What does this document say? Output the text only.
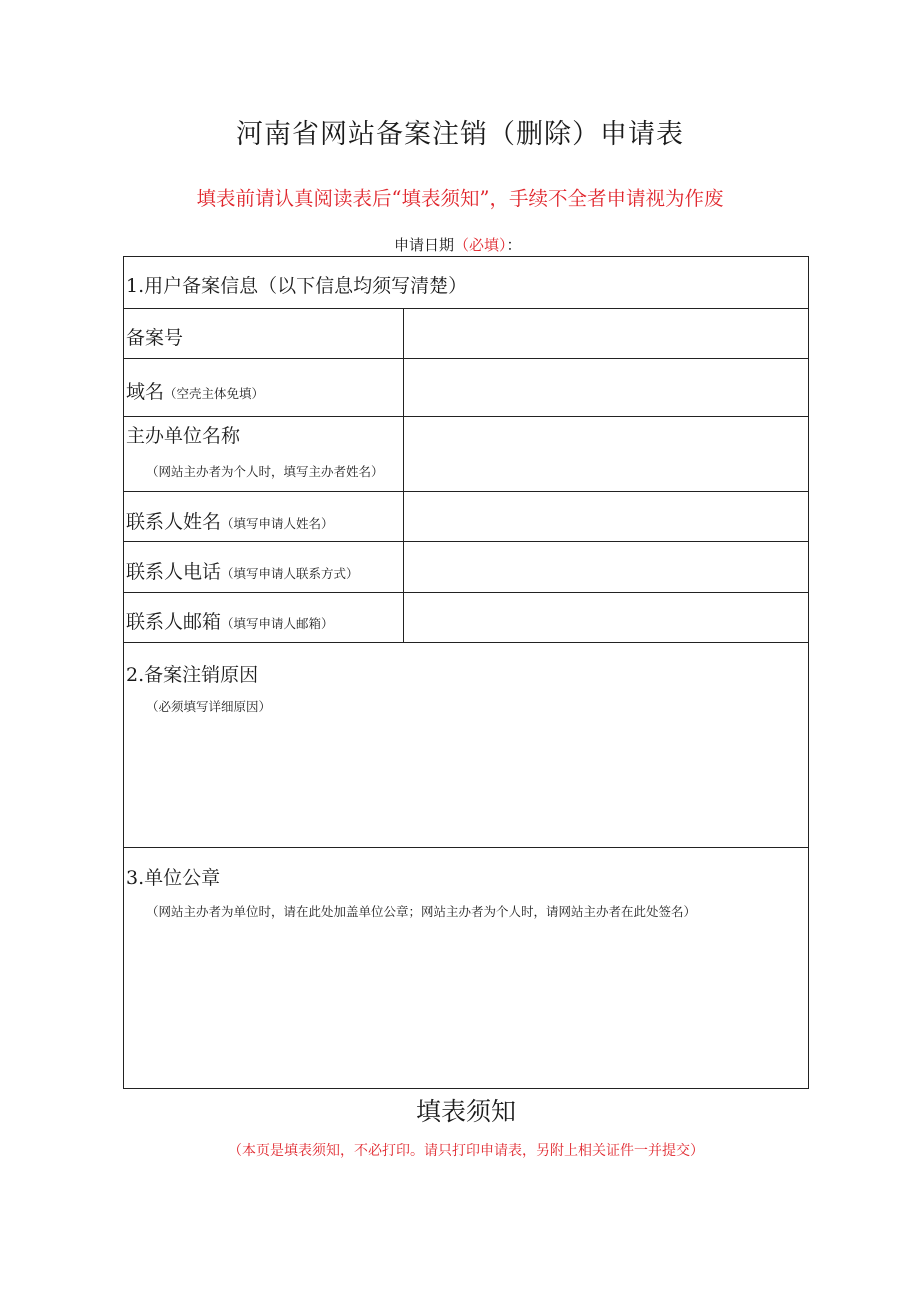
河南省网站备案注销（删除）申请表
填表前请认真阅读表后“填表须知”，手续不全者申请视为作废
申请日期（必填）：
1.用户备案信息（以下信息均须写清楚）
备案号
域名（空壳主体免填）
主办单位名称
（网站主办者为个人时，填写主办者姓名）
联系人姓名（填写申请人姓名）
联系人电话（填写申请人联系方式）
联系人邮箱（填写申请人邮箱）
2.备案注销原因
（必须填写详细原因）
3.单位公章
（网站主办者为单位时，请在此处加盖单位公章；网站主办者为个人时，请网站主办者在此处签名）
填表须知
（本页是填表须知，不必打印。请只打印申请表，另附上相关证件一并提交）
